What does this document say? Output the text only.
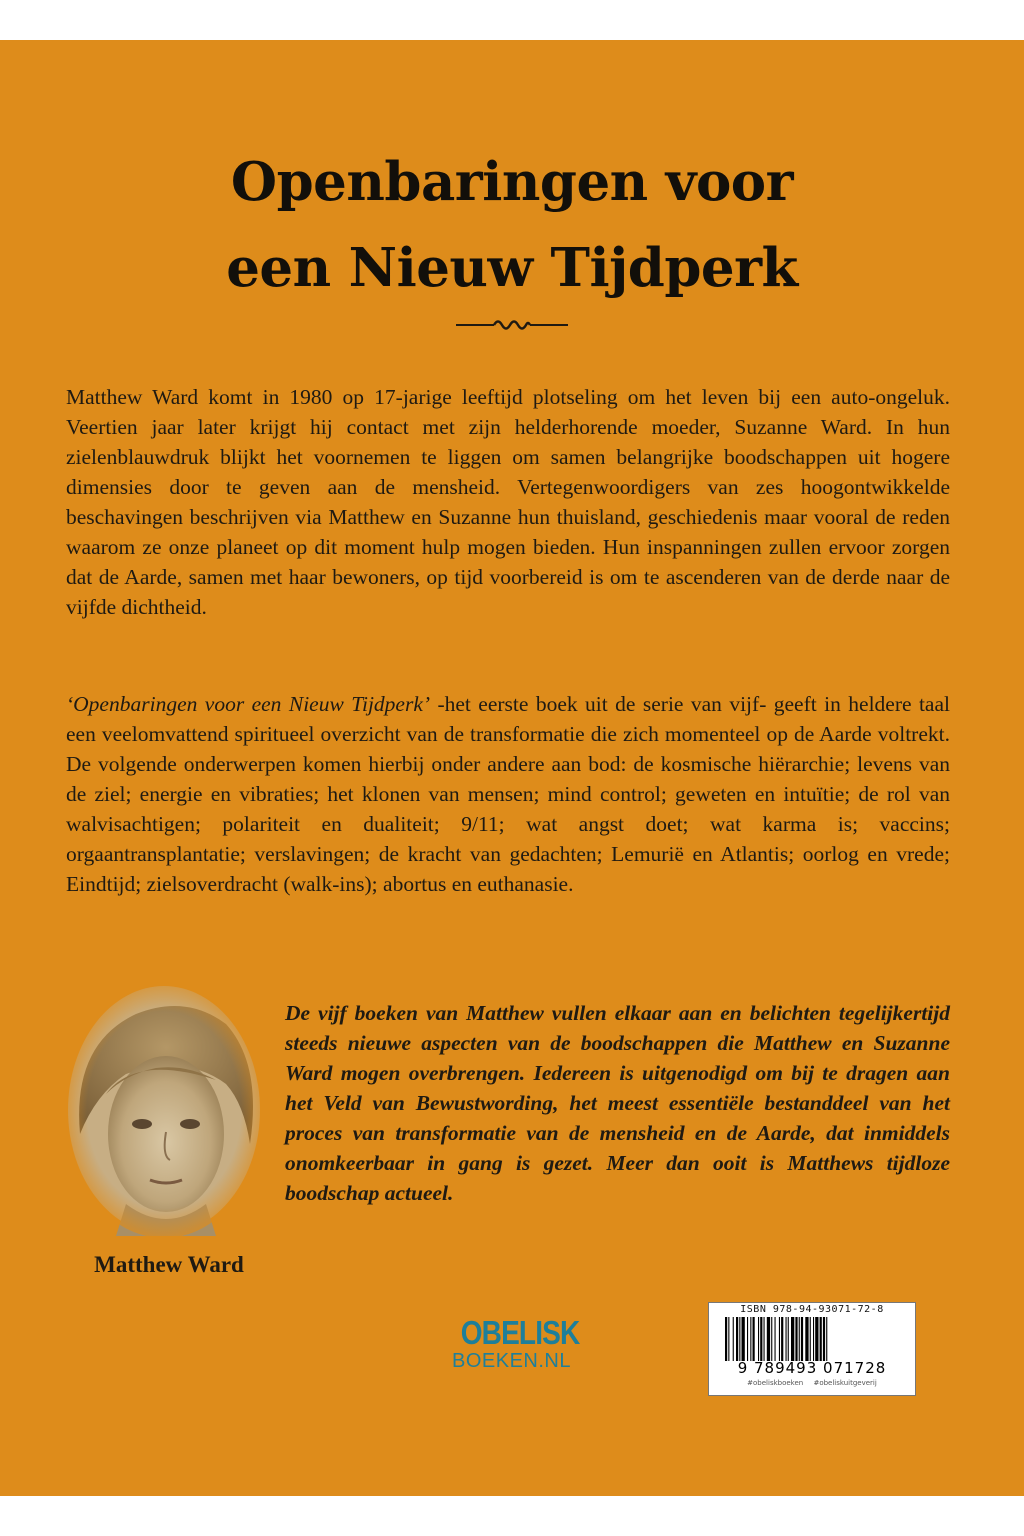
Openbaringen voor
een Nieuw Tijdperk

Matthew Ward komt in 1980 op 17-jarige leeftijd plotseling om het leven bij een auto-ongeluk. Veertien jaar later krijgt hij contact met zijn helderhorende moeder, Suzanne Ward. In hun zielenblauwdruk blijkt het voornemen te liggen om samen belangrijke boodschappen uit hogere dimensies door te geven aan de mensheid. Vertegenwoordigers van zes hoogontwikkelde beschavingen beschrijven via Matthew en Suzanne hun thuisland, geschiedenis maar vooral de reden waarom ze onze planeet op dit moment hulp mogen bieden. Hun inspanningen zullen ervoor zorgen dat de Aarde, samen met haar bewoners, op tijd voorbereid is om te ascenderen van de derde naar de vijfde dichtheid.

‘Openbaringen voor een Nieuw Tijdperk’ -het eerste boek uit de serie van vijf- geeft in heldere taal een veelomvattend spiritueel overzicht van de transformatie die zich momenteel op de Aarde voltrekt. De volgende onderwerpen komen hierbij onder andere aan bod: de kosmische hiërarchie; levens van de ziel; energie en vibraties; het klonen van mensen; mind control; geweten en intuïtie; de rol van walvisachtigen; polariteit en dualiteit; 9/11; wat angst doet; wat karma is; vaccins; orgaantransplantatie; verslavingen; de kracht van gedachten; Lemurië en Atlantis; oorlog en vrede; Eindtijd; zielsoverdracht (walk-ins); abortus en euthanasie.

Matthew Ward

De vijf boeken van Matthew vullen elkaar aan en belichten tegelijkertijd steeds nieuwe aspecten van de boodschappen die Matthew en Suzanne Ward mogen overbrengen. Iedereen is uitgenodigd om bij te dragen aan het Veld van Bewustwording, het meest essentiële bestanddeel van het proces van transformatie van de mensheid en de Aarde, dat inmiddels onomkeerbaar in gang is gezet. Meer dan ooit is Matthews tijdloze boodschap actueel.

OBELISK
BOEKEN.NL
ISBN 978-94-93071-72-8
9 789493 071728
#obeliskboeken #obeliskuitgeverij
